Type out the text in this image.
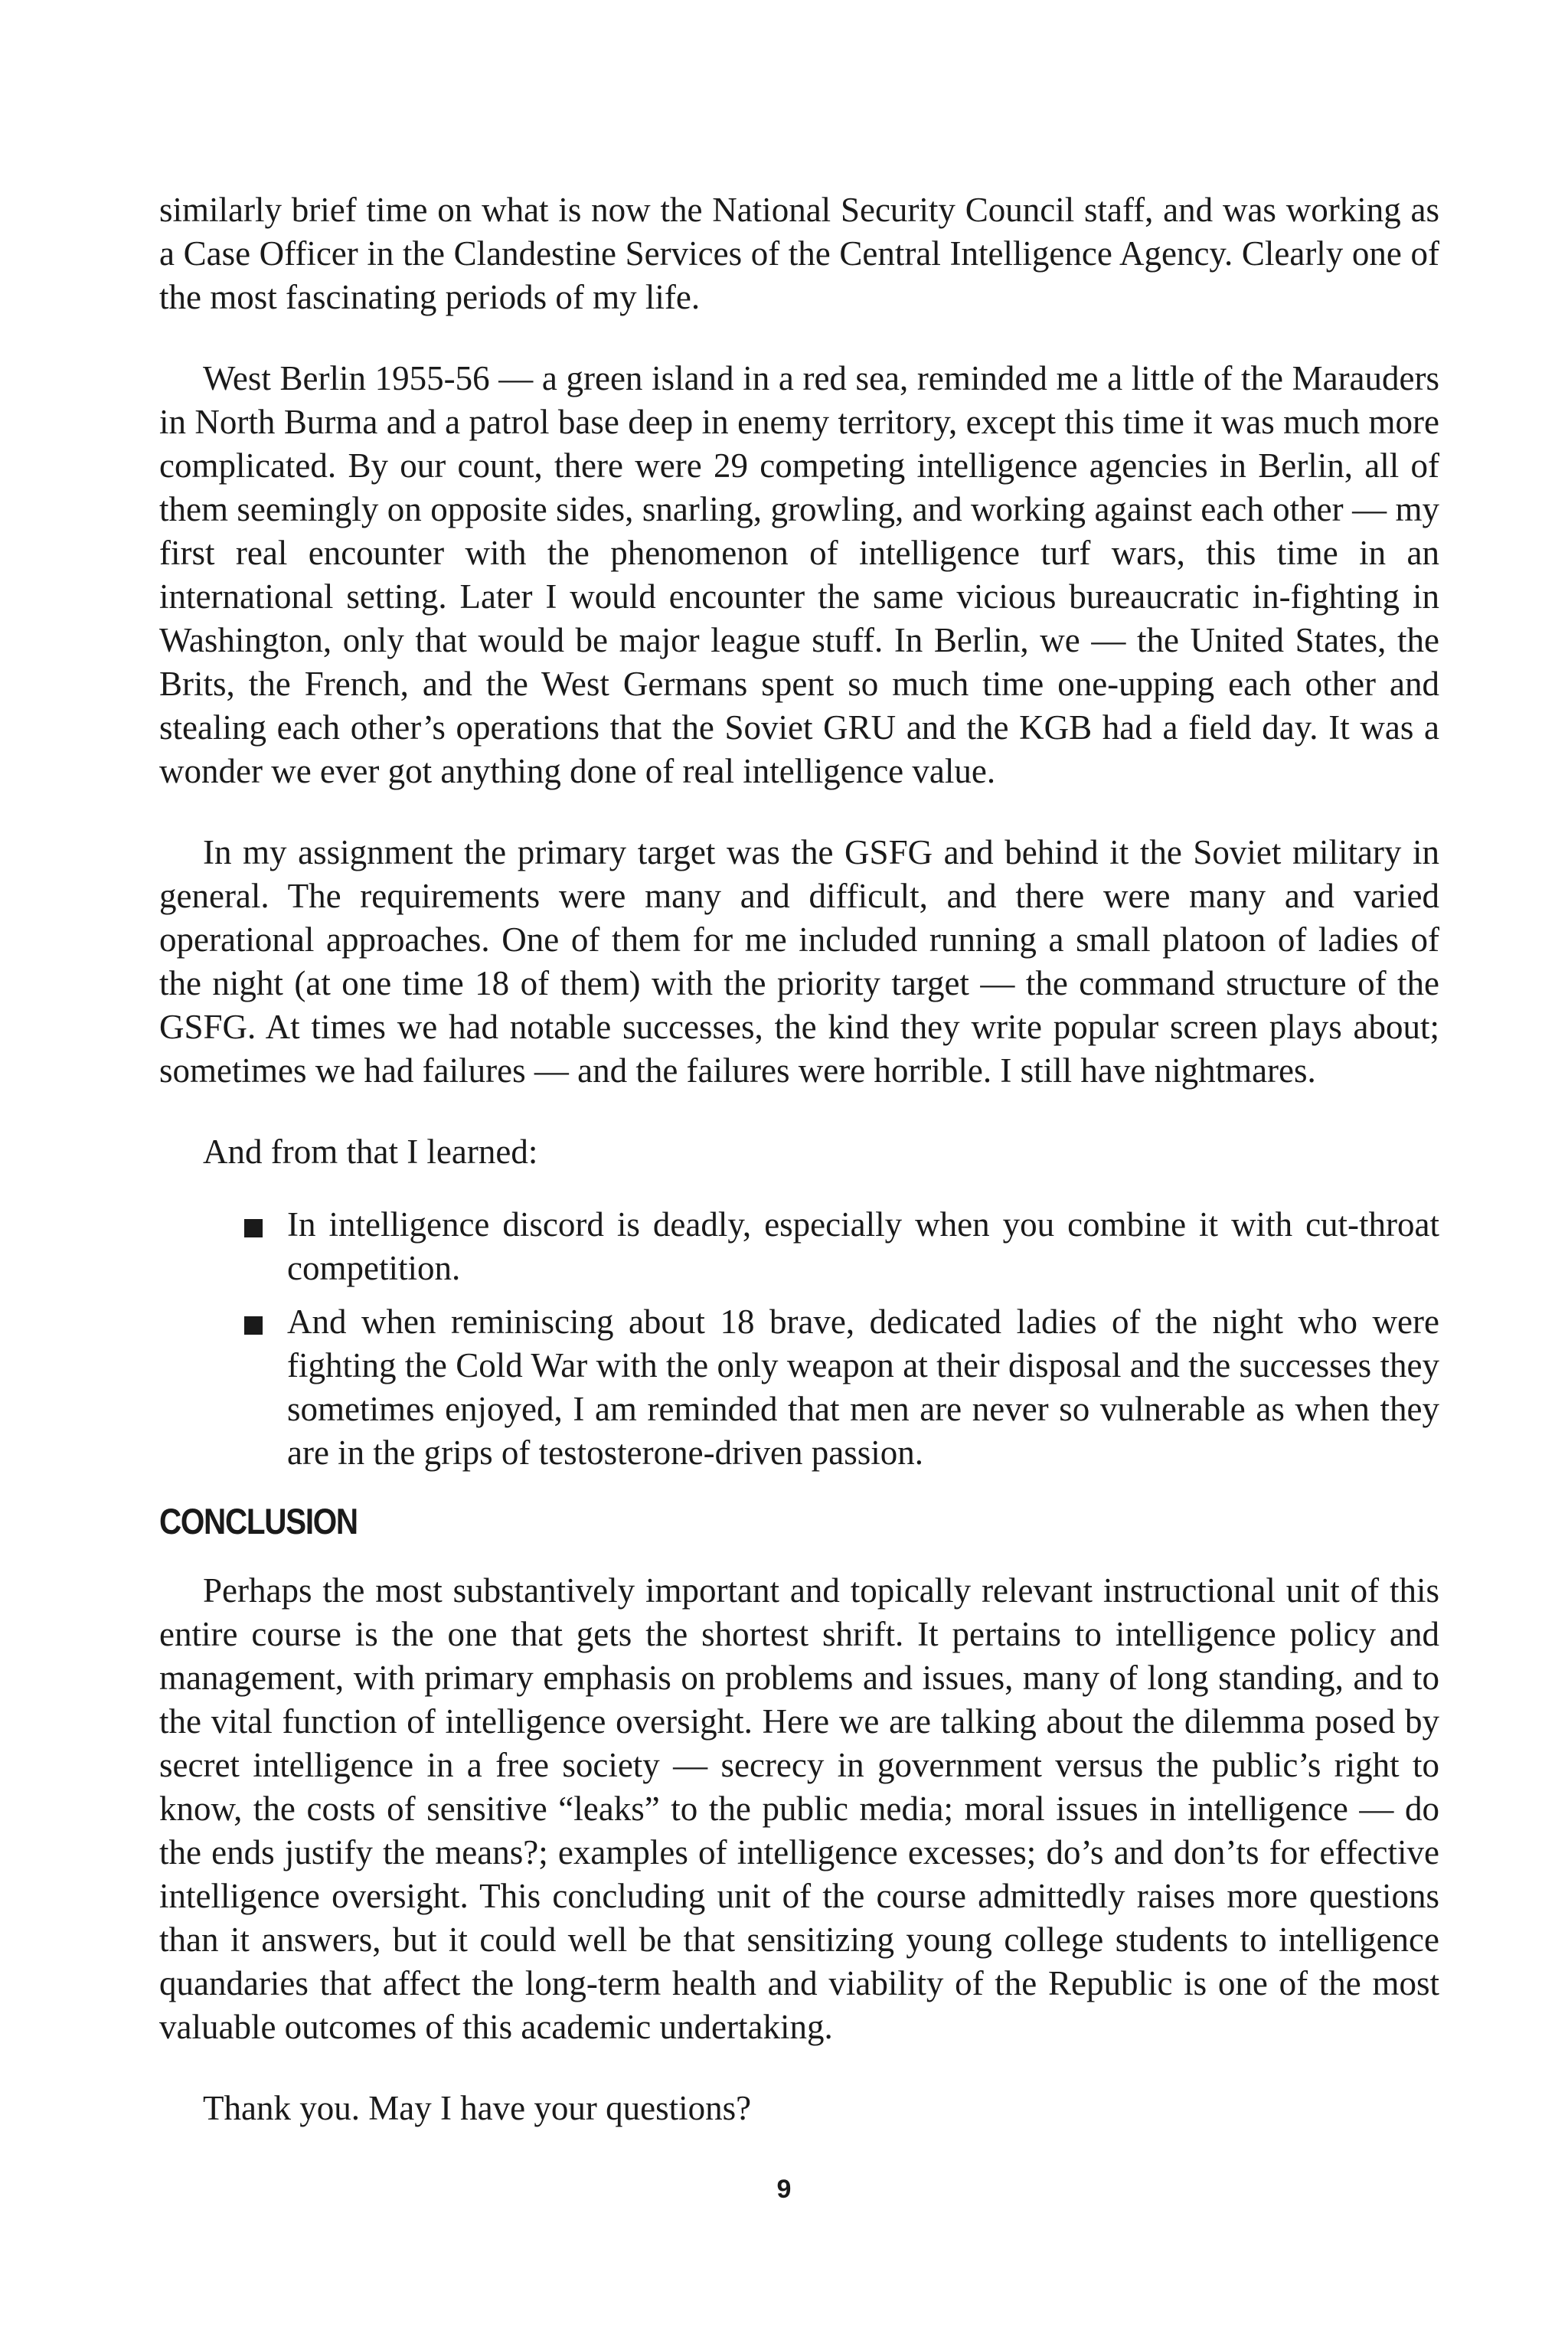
similarly brief time on what is now the National Security Council staff, and was working as a Case Officer in the Clandestine Services of the Central Intelligence Agency. Clearly one of the most fascinating periods of my life.

West Berlin 1955-56 — a green island in a red sea, reminded me a little of the Marauders in North Burma and a patrol base deep in enemy territory, except this time it was much more complicated. By our count, there were 29 competing intelligence agencies in Berlin, all of them seemingly on opposite sides, snarling, growling, and working against each other — my first real encounter with the phenomenon of intelligence turf wars, this time in an international setting. Later I would encounter the same vicious bureaucratic in-fighting in Washington, only that would be major league stuff. In Berlin, we — the United States, the Brits, the French, and the West Germans spent so much time one-upping each other and stealing each other’s operations that the Soviet GRU and the KGB had a field day. It was a wonder we ever got anything done of real intelligence value.

In my assignment the primary target was the GSFG and behind it the Soviet military in general. The requirements were many and difficult, and there were many and varied operational approaches. One of them for me included running a small platoon of ladies of the night (at one time 18 of them) with the priority target — the command structure of the GSFG. At times we had notable successes, the kind they write popular screen plays about; sometimes we had failures — and the failures were horrible. I still have nightmares.

And from that I learned:

In intelligence discord is deadly, especially when you combine it with cut-throat competition.
And when reminiscing about 18 brave, dedicated ladies of the night who were fighting the Cold War with the only weapon at their disposal and the successes they sometimes enjoyed, I am reminded that men are never so vulnerable as when they are in the grips of testosterone-driven passion.
CONCLUSION

Perhaps the most substantively important and topically relevant instructional unit of this entire course is the one that gets the shortest shrift. It pertains to intelligence policy and management, with primary emphasis on problems and issues, many of long standing, and to the vital function of intelligence oversight. Here we are talking about the dilemma posed by secret intelligence in a free society — secrecy in government versus the public’s right to know, the costs of sensitive “leaks” to the public media; moral issues in intelligence — do the ends justify the means?; examples of intelligence excesses; do’s and don’ts for effective intelligence oversight. This concluding unit of the course admittedly raises more questions than it answers, but it could well be that sensitizing young college students to intelligence quandaries that affect the long-term health and viability of the Republic is one of the most valuable outcomes of this academic undertaking.

Thank you. May I have your questions?

9
